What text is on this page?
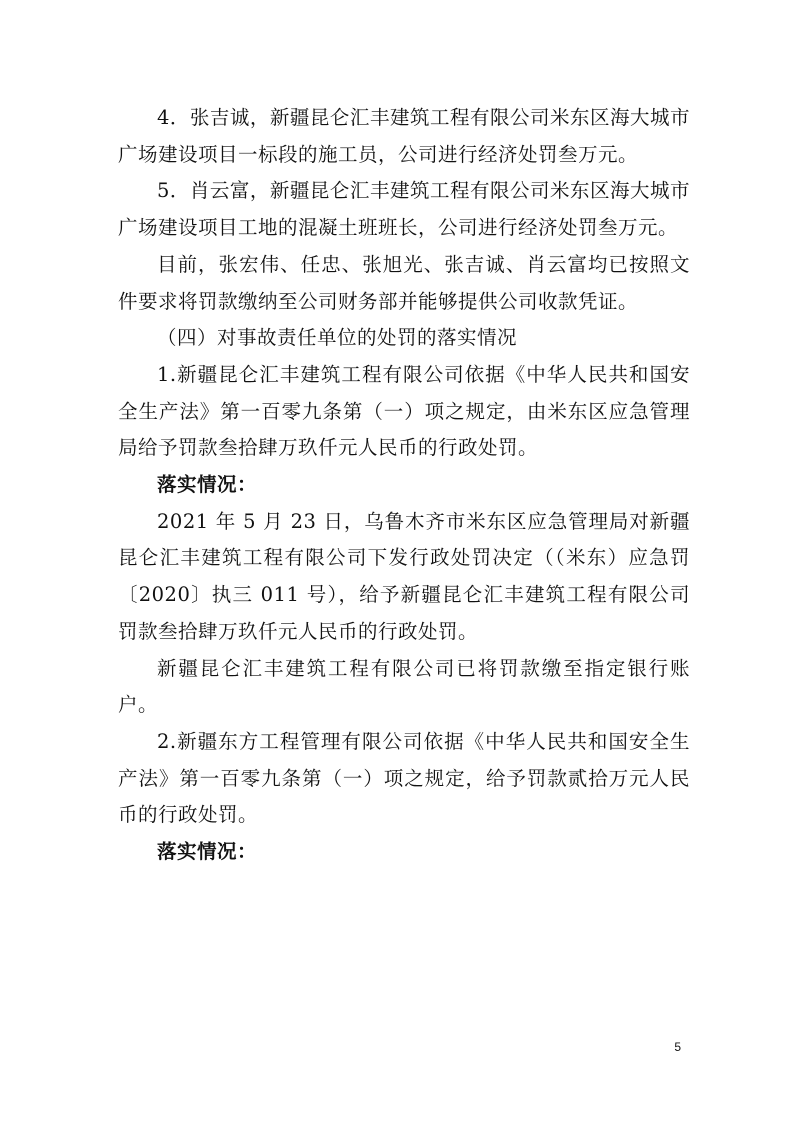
4．张吉诚，新疆昆仑汇丰建筑工程有限公司米东区海大城市广场建设项目一标段的施工员，公司进行经济处罚叁万元。

5．肖云富，新疆昆仑汇丰建筑工程有限公司米东区海大城市广场建设项目工地的混凝土班班长，公司进行经济处罚叁万元。

目前，张宏伟、任忠、张旭光、张吉诚、肖云富均已按照文件要求将罚款缴纳至公司财务部并能够提供公司收款凭证。

（四）对事故责任单位的处罚的落实情况

1.新疆昆仑汇丰建筑工程有限公司依据《中华人民共和国安全生产法》第一百零九条第（一）项之规定，由米东区应急管理局给予罚款叁拾肆万玖仟元人民币的行政处罚。

落实情况：

2021 年 5 月 23 日，乌鲁木齐市米东区应急管理局对新疆昆仑汇丰建筑工程有限公司下发行政处罚决定（（米东）应急罚〔2020〕执三 011 号），给予新疆昆仑汇丰建筑工程有限公司罚款叁拾肆万玖仟元人民币的行政处罚。

新疆昆仑汇丰建筑工程有限公司已将罚款缴至指定银行账户。

2.新疆东方工程管理有限公司依据《中华人民共和国安全生产法》第一百零九条第（一）项之规定，给予罚款贰拾万元人民币的行政处罚。

落实情况：

5
